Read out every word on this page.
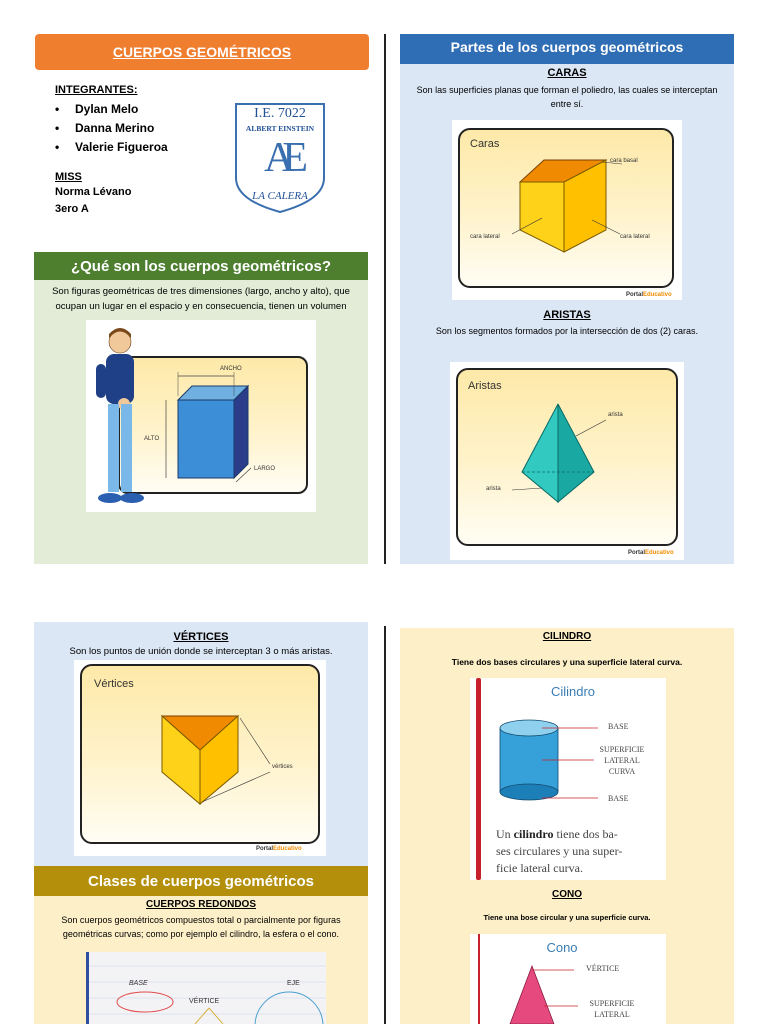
CUERPOS GEOMÉTRICOS
INTEGRANTES:
• Dylan Melo
• Danna Merino
• Valerie Figueroa
MISS
Norma Lévano
3ero A
I.E. 7022
ALBERT EINSTEIN
AE
LA CALERA
¿Qué son los cuerpos geométricos?
Son figuras geométricas de tres dimensiones (largo, ancho y alto), que ocupan un lugar en el espacio y en consecuencia, tienen un volumen
ANCHO
ALTO
LARGO
Partes de los cuerpos geométricos
CARAS
Son las superficies planas que forman el poliedro, las cuales se interceptan entre sí.
Caras
cara basal
cara lateral	cara lateral
PortalEducativo
ARISTAS
Son los segmentos formados por la intersección de dos (2) caras.
Aristas
arista
arista
PortalEducativo
VÉRTICES
Son los puntos de unión donde se interceptan 3 o más aristas.
Vértices
vértices
PortalEducativo
Clases de cuerpos geométricos
CUERPOS REDONDOS
Son cuerpos geométricos compuestos total o parcialmente por figuras geométricas curvas; como por ejemplo el cilindro, la esfera o el cono.
BASE
VÉRTICE
EJE
CILINDRO
Tiene dos bases circulares y una superficie lateral curva.
Cilindro
BASE
SUPERFICIE
LATERAL
CURVA
BASE
Un cilindro tiene dos ba-
ses circulares y una super-
ficie lateral curva.
CONO
Tiene una bose circular y una superficie curva.
Cono
VÉRTICE
SUPERFICIE
LATERAL
